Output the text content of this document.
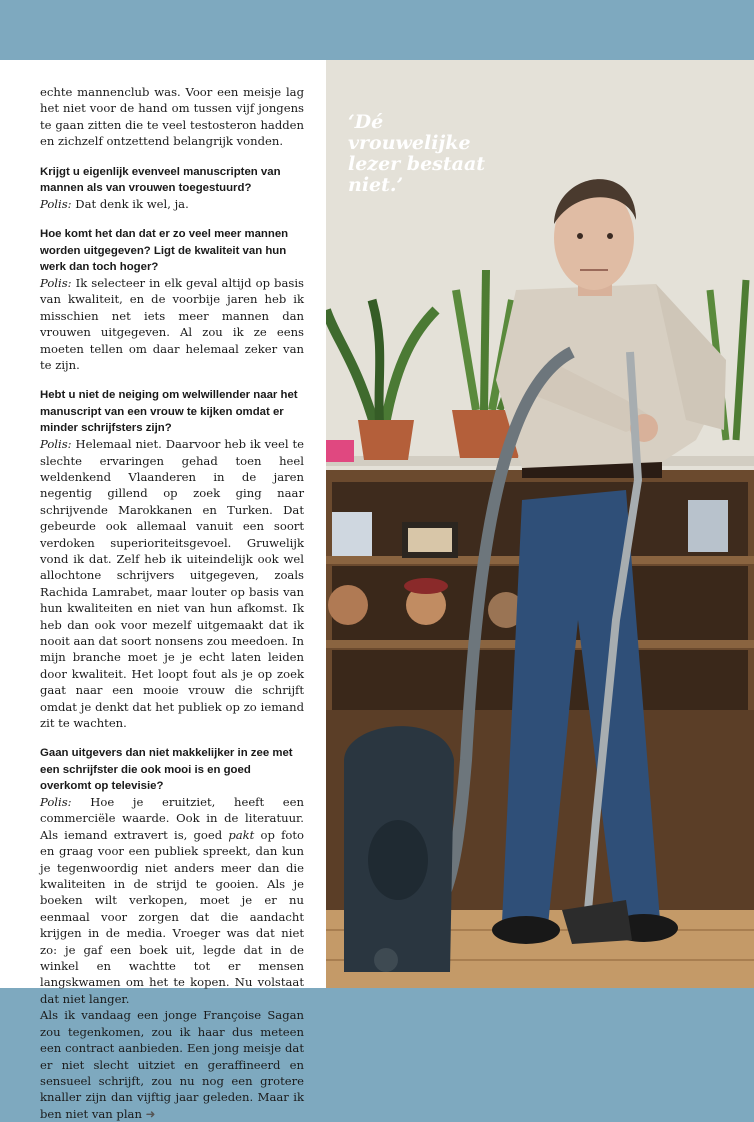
echte mannenclub was. Voor een meisje lag het niet voor de hand om tussen vijf jongens te gaan zitten die te veel testosteron hadden en zichzelf ontzettend belangrijk vonden.

Krijgt u eigenlijk evenveel manuscripten van mannen als van vrouwen toegestuurd?

Polis: Dat denk ik wel, ja.

Hoe komt het dan dat er zo veel meer mannen worden uitgegeven? Ligt de kwaliteit van hun werk dan toch hoger?

Polis: Ik selecteer in elk geval altijd op basis van kwaliteit, en de voorbije jaren heb ik misschien net iets meer mannen dan vrouwen uitgegeven. Al zou ik ze eens moeten tellen om daar helemaal zeker van te zijn.

Hebt u niet de neiging om welwillender naar het manuscript van een vrouw te kijken omdat er minder schrijfsters zijn?

Polis: Helemaal niet. Daarvoor heb ik veel te slechte ervaringen gehad toen heel weldenkend Vlaanderen in de jaren negentig gillend op zoek ging naar schrijvende Marokkanen en Turken. Dat gebeurde ook allemaal vanuit een soort verdoken superioriteitsgevoel. Gruwelijk vond ik dat. Zelf heb ik uiteindelijk ook wel allochtone schrijvers uitgegeven, zoals Rachida Lamrabet, maar louter op basis van hun kwaliteiten en niet van hun afkomst. Ik heb dan ook voor mezelf uitgemaakt dat ik nooit aan dat soort nonsens zou meedoen. In mijn branche moet je je echt laten leiden door kwaliteit. Het loopt fout als je op zoek gaat naar een mooie vrouw die schrijft omdat je denkt dat het publiek op zo iemand zit te wachten.

Gaan uitgevers dan niet makkelijker in zee met een schrijfster die ook mooi is en goed overkomt op televisie?

Polis: Hoe je eruitziet, heeft een commerciële waarde. Ook in de literatuur. Als iemand extravert is, goed pakt op foto en graag voor een publiek spreekt, dan kun je tegenwoordig niet anders meer dan die kwaliteiten in de strijd te gooien. Als je boeken wilt verkopen, moet je er nu eenmaal voor zorgen dat die aandacht krijgen in de media. Vroeger was dat niet zo: je gaf een boek uit, legde dat in de winkel en wachtte tot er mensen langskwamen om het te kopen. Nu volstaat dat niet langer.

Als ik vandaag een jonge Françoise Sagan zou tegenkomen, zou ik haar dus meteen een contract aanbieden. Een jong meisje dat er niet slecht uitziet en geraffineerd en sensueel schrijft, zou nu nog een grotere knaller zijn dan vijftig jaar geleden. Maar ik ben niet van plan ➜

‘Dé vrouwelijke
lezer bestaat
niet.’
